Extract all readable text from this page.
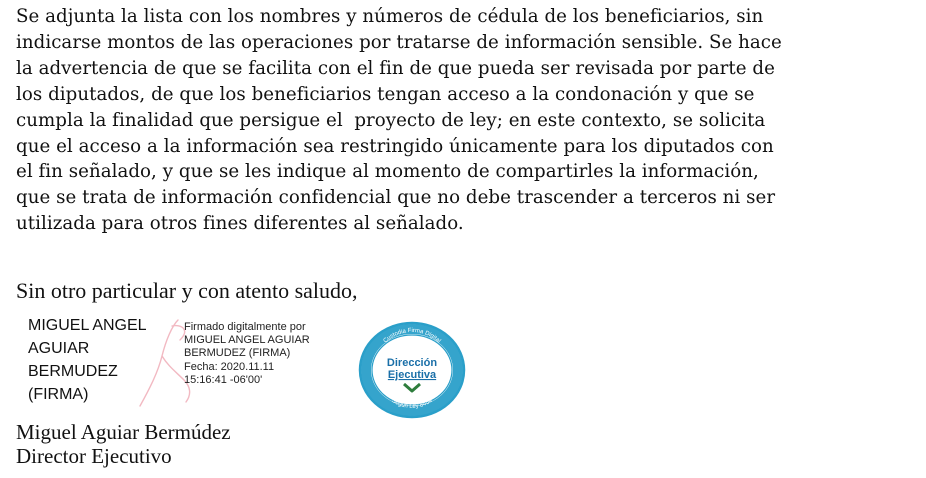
Se adjunta la lista con los nombres y números de cédula de los beneficiarios, sin
indicarse montos de las operaciones por tratarse de información sensible. Se hace
la advertencia de que se facilita con el fin de que pueda ser revisada por parte de
los diputados, de que los beneficiarios tengan acceso a la condonación y que se
cumpla la finalidad que persigue el  proyecto de ley; en este contexto, se solicita
que el acceso a la información sea restringido únicamente para los diputados con
el fin señalado, y que se les indique al momento de compartirles la información,
que se trata de información confidencial que no debe trascender a terceros ni ser
utilizada para otros fines diferentes al señalado.

Sin otro particular y con atento saludo,

MIGUEL ANGEL
AGUIAR
BERMUDEZ
(FIRMA)
Firmado digitalmente por
MIGUEL ANGEL AGUIAR
BERMUDEZ (FIRMA)
Fecha: 2020.11.11
15:16:41 -06'00'
Custodia Firma Digital
Según Ley 8454
Dirección
Ejecutiva
Miguel Aguiar Bermúdez
Director Ejecutivo
